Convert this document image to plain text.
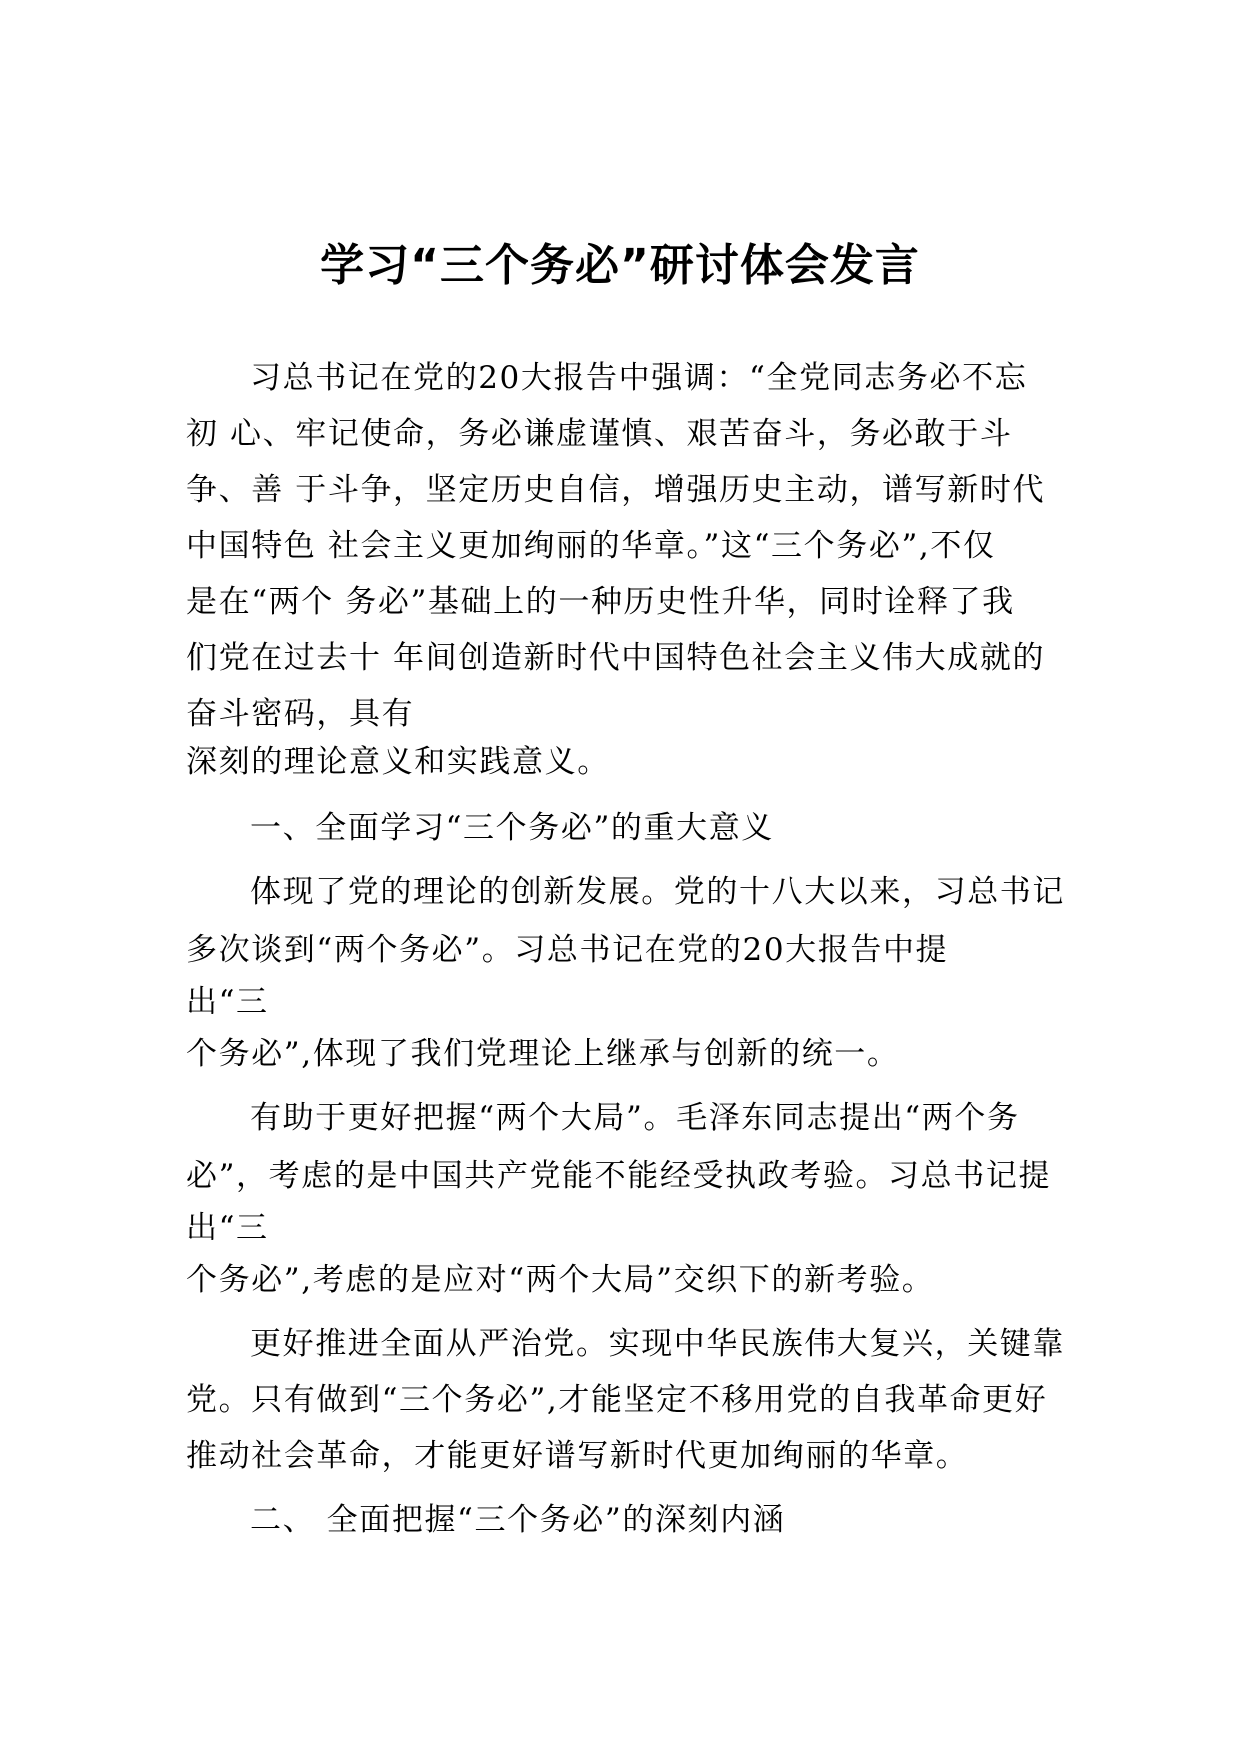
学习“三个务必”研讨体会发言
习总书记在党的20大报告中强调：“全党同志务必不忘
初 心、牢记使命，务必谦虚谨慎、艰苦奋斗，务必敢于斗
争、善 于斗争，坚定历史自信，增强历史主动，谱写新时代
中国特色 社会主义更加绚丽的华章。”这“三个务必”,不仅
是在“两个 务必”基础上的一种历史性升华，同时诠释了我
们党在过去十 年间创造新时代中国特色社会主义伟大成就的
奋斗密码，具有
深刻的理论意义和实践意义。
一、全面学习“三个务必”的重大意义
体现了党的理论的创新发展。党的十八大以来，习总书记
多次谈到“两个务必”。习总书记在党的20大报告中提
出“三
个务必”,体现了我们党理论上继承与创新的统一。
有助于更好把握“两个大局”。毛泽东同志提出“两个务
必”，考虑的是中国共产党能不能经受执政考验。习总书记提
出“三
个务必”,考虑的是应对“两个大局”交织下的新考验。
更好推进全面从严治党。实现中华民族伟大复兴，关键靠
党。只有做到“三个务必”,才能坚定不移用党的自我革命更好
推动社会革命，才能更好谱写新时代更加绚丽的华章。
二、 全面把握“三个务必”的深刻内涵
